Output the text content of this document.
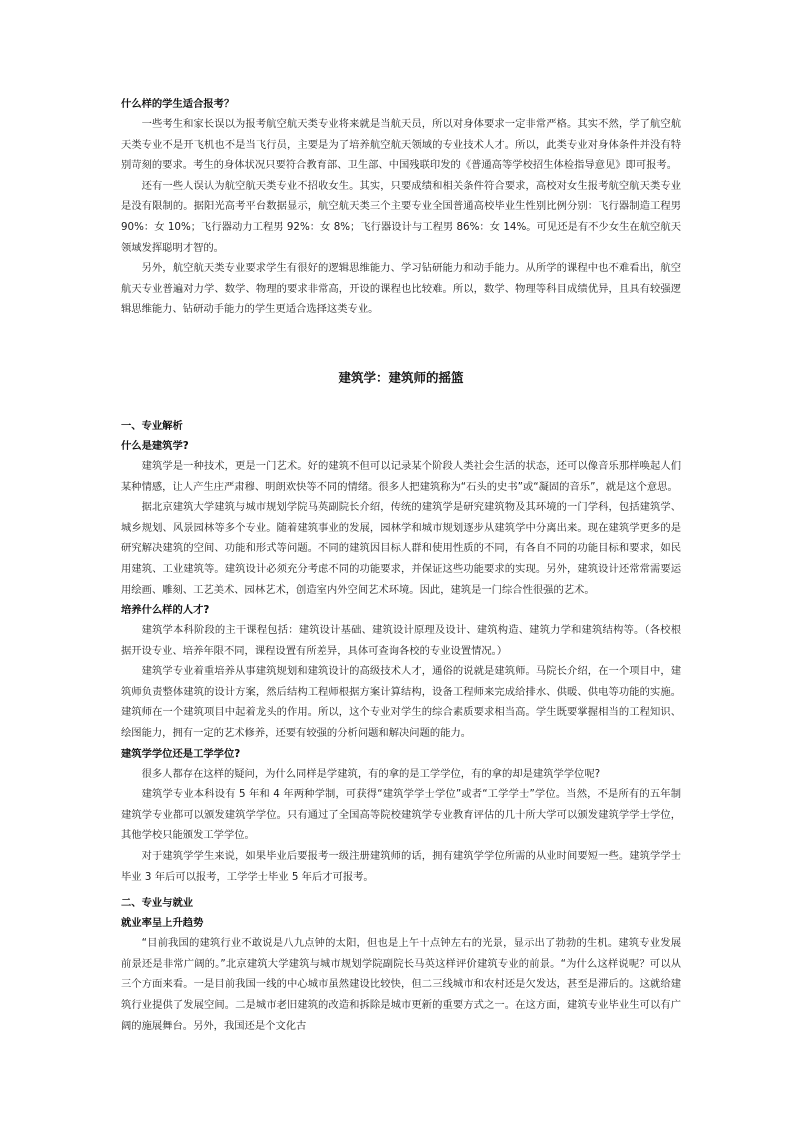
什么样的学生适合报考？

一些考生和家长误以为报考航空航天类专业将来就是当航天员，所以对身体要求一定非常严格。其实不然，学了航空航天类专业不是开飞机也不是当飞行员，主要是为了培养航空航天领域的专业技术人才。所以，此类专业对身体条件并没有特别苛刻的要求。考生的身体状况只要符合教育部、卫生部、中国残联印发的《普通高等学校招生体检指导意见》即可报考。

还有一些人误认为航空航天类专业不招收女生。其实，只要成绩和相关条件符合要求，高校对女生报考航空航天类专业是没有限制的。据阳光高考平台数据显示，航空航天类三个主要专业全国普通高校毕业生性别比例分别：飞行器制造工程男 90%：女 10%；飞行器动力工程男 92%：女 8%；飞行器设计与工程男 86%：女 14%。可见还是有不少女生在航空航天领域发挥聪明才智的。

另外，航空航天类专业要求学生有很好的逻辑思维能力、学习钻研能力和动手能力。从所学的课程中也不难看出，航空航天专业普遍对力学、数学、物理的要求非常高，开设的课程也比较难。所以，数学、物理等科目成绩优异，且具有较强逻辑思维能力、钻研动手能力的学生更适合选择这类专业。

建筑学：建筑师的摇篮

一、专业解析

什么是建筑学?

建筑学是一种技术，更是一门艺术。好的建筑不但可以记录某个阶段人类社会生活的状态，还可以像音乐那样唤起人们某种情感，让人产生庄严肃穆、明朗欢快等不同的情绪。很多人把建筑称为“石头的史书”或“凝固的音乐”，就是这个意思。

据北京建筑大学建筑与城市规划学院马英副院长介绍，传统的建筑学是研究建筑物及其环境的一门学科，包括建筑学、城乡规划、风景园林等多个专业。随着建筑事业的发展，园林学和城市规划逐步从建筑学中分离出来。现在建筑学更多的是研究解决建筑的空间、功能和形式等问题。不同的建筑因目标人群和使用性质的不同，有各自不同的功能目标和要求，如民用建筑、工业建筑等。建筑设计必须充分考虑不同的功能要求，并保证这些功能要求的实现。另外，建筑设计还常常需要运用绘画、雕刻、工艺美术、园林艺术，创造室内外空间艺术环境。因此，建筑是一门综合性很强的艺术。

培养什么样的人才?

建筑学本科阶段的主干课程包括：建筑设计基础、建筑设计原理及设计、建筑构造、建筑力学和建筑结构等。（各校根据开设专业、培养年限不同，课程设置有所差异，具体可查询各校的专业设置情况。）

建筑学专业着重培养从事建筑规划和建筑设计的高级技术人才，通俗的说就是建筑师。马院长介绍，在一个项目中，建筑师负责整体建筑的设计方案，然后结构工程师根据方案计算结构，设备工程师来完成给排水、供暖、供电等功能的实施。建筑师在一个建筑项目中起着龙头的作用。所以，这个专业对学生的综合素质要求相当高。学生既要掌握相当的工程知识、绘图能力，拥有一定的艺术修养，还要有较强的分析问题和解决问题的能力。

建筑学学位还是工学学位?

很多人都存在这样的疑问，为什么同样是学建筑，有的拿的是工学学位，有的拿的却是建筑学学位呢?

建筑学专业本科设有 5 年和 4 年两种学制，可获得“建筑学学士学位”或者“工学学士”学位。当然，不是所有的五年制建筑学专业都可以颁发建筑学学位。只有通过了全国高等院校建筑学专业教育评估的几十所大学可以颁发建筑学学士学位，其他学校只能颁发工学学位。

对于建筑学学生来说，如果毕业后要报考一级注册建筑师的话，拥有建筑学学位所需的从业时间要短一些。建筑学学士毕业 3 年后可以报考，工学学士毕业 5 年后才可报考。

二、专业与就业

就业率呈上升趋势

“目前我国的建筑行业不敢说是八九点钟的太阳，但也是上午十点钟左右的光景，显示出了勃勃的生机。建筑专业发展前景还是非常广阔的。”北京建筑大学建筑与城市规划学院副院长马英这样评价建筑专业的前景。“为什么这样说呢？可以从三个方面来看。一是目前我国一线的中心城市虽然建设比较快，但二三线城市和农村还是欠发达，甚至是滞后的。这就给建筑行业提供了发展空间。二是城市老旧建筑的改造和拆除是城市更新的重要方式之一。在这方面，建筑专业毕业生可以有广阔的施展舞台。另外，我国还是个文化古
